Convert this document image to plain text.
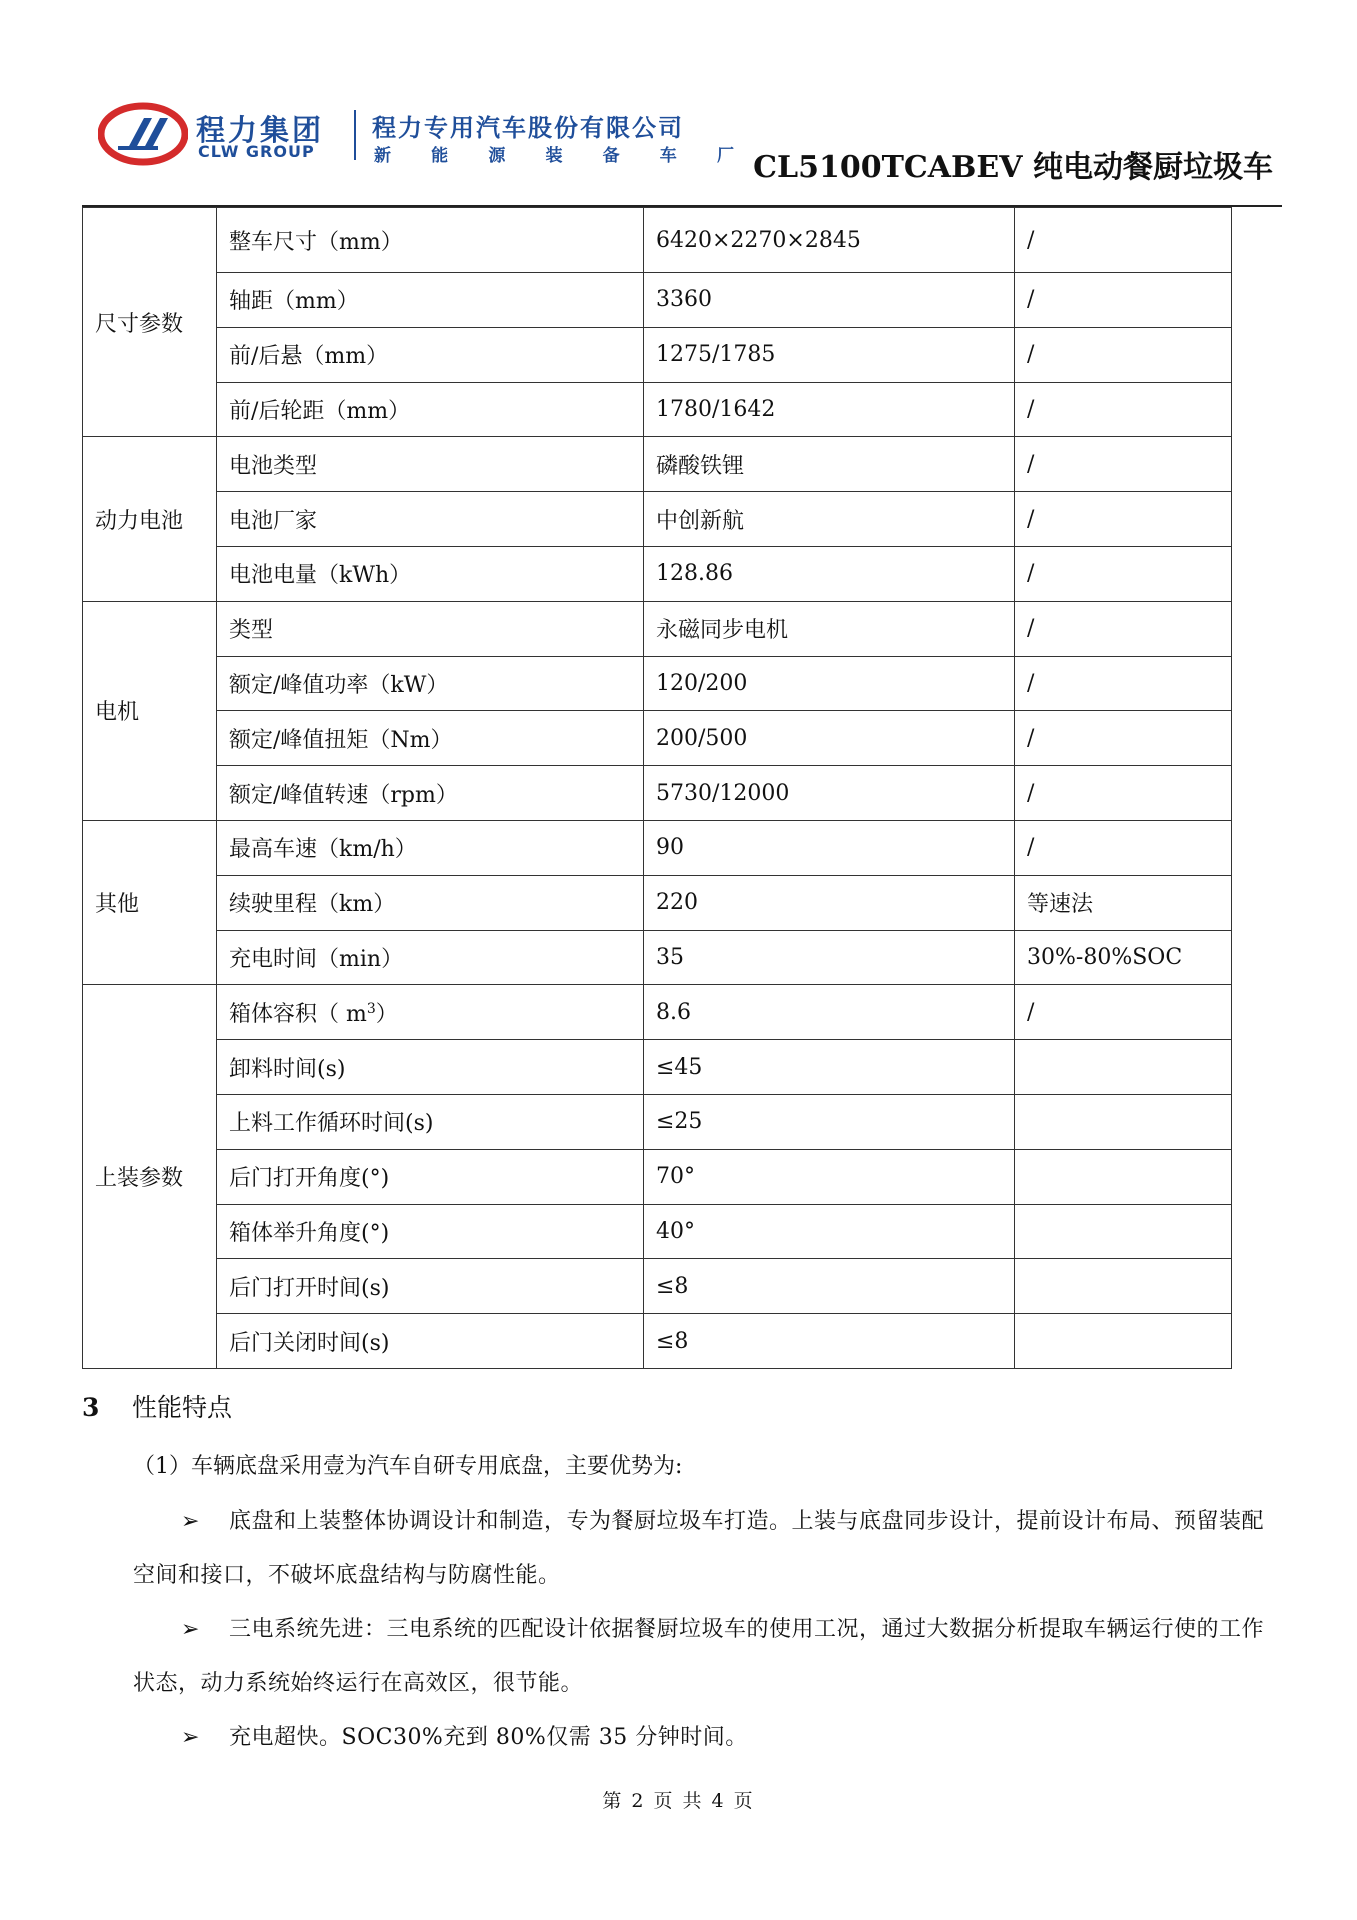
程力集团
CLW GROUP
程力专用汽车股份有限公司
新 能 源 装 备 车 厂 CL5100TCABEV 纯电动餐厨垃圾车
尺寸参数	整车尺寸（mm）	6420×2270×2845	/
	轴距（mm）	3360	/
	前/后悬（mm）	1275/1785	/
	前/后轮距（mm）	1780/1642	/
动力电池	电池类型	磷酸铁锂	/
	电池厂家	中创新航	/
	电池电量（kWh）	128.86	/
电机	类型	永磁同步电机	/
	额定/峰值功率（kW）	120/200	/
	额定/峰值扭矩（Nm）	200/500	/
	额定/峰值转速（rpm）	5730/12000	/
其他	最高车速（km/h）	90	/
	续驶里程（km）	220	等速法
	充电时间（min）	35	30%-80%SOC
上装参数	箱体容积（ $m^3$）	8.6	/
	卸料时间(s)	≤45	
	上料工作循环时间(s)	≤25	
	后门打开角度(°)	70°	
	箱体举升角度(°)	40°	
	后门打开时间(s)	≤8	
	后门关闭时间(s)	≤8	
3 性能特点
（1）车辆底盘采用壹为汽车自研专用底盘，主要优势为:
➢	底盘和上装整体协调设计和制造，专为餐厨垃圾车打造。上装与底盘同步设计，提前设计布局、预留装配空间和接口，不破坏底盘结构与防腐性能。
➢	三电系统先进：三电系统的匹配设计依据餐厨垃圾车的使用工况，通过大数据分析提取车辆运行使的工作状态，动力系统始终运行在高效区，很节能。
➢	充电超快。SOC30%充到 80%仅需 35 分钟时间。
第 2 页 共 4 页
